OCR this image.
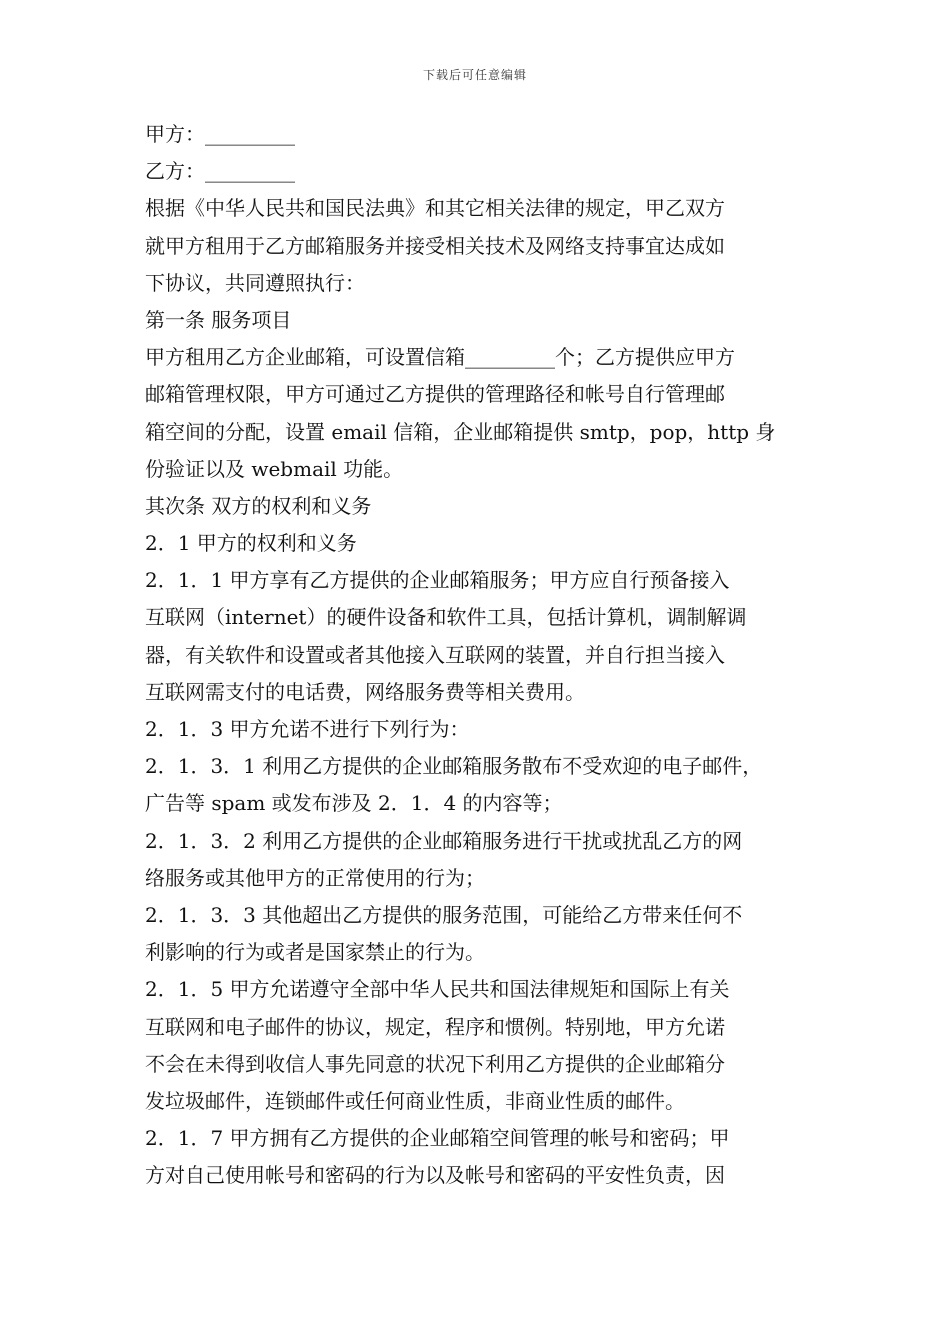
下载后可任意编辑
甲方：_________
乙方：_________
根据《中华人民共和国民法典》和其它相关法律的规定，甲乙双方
就甲方租用于乙方邮箱服务并接受相关技术及网络支持事宜达成如
下协议，共同遵照执行：
第一条 服务项目
甲方租用乙方企业邮箱，可设置信箱_________个；乙方提供应甲方
邮箱管理权限，甲方可通过乙方提供的管理路径和帐号自行管理邮
箱空间的分配，设置 email 信箱，企业邮箱提供 smtp，pop，http 身
份验证以及 webmail 功能。
其次条 双方的权利和义务
2．1 甲方的权利和义务
2．1．1 甲方享有乙方提供的企业邮箱服务；甲方应自行预备接入
互联网（internet）的硬件设备和软件工具，包括计算机，调制解调
器，有关软件和设置或者其他接入互联网的装置，并自行担当接入
互联网需支付的电话费，网络服务费等相关费用。
2．1．3 甲方允诺不进行下列行为：
2．1．3．1 利用乙方提供的企业邮箱服务散布不受欢迎的电子邮件，
广告等 spam 或发布涉及 2．1．4 的内容等；
2．1．3．2 利用乙方提供的企业邮箱服务进行干扰或扰乱乙方的网
络服务或其他甲方的正常使用的行为；
2．1．3．3 其他超出乙方提供的服务范围，可能给乙方带来任何不
利影响的行为或者是国家禁止的行为。
2．1．5 甲方允诺遵守全部中华人民共和国法律规矩和国际上有关
互联网和电子邮件的协议，规定，程序和惯例。特别地，甲方允诺
不会在未得到收信人事先同意的状况下利用乙方提供的企业邮箱分
发垃圾邮件，连锁邮件或任何商业性质，非商业性质的邮件。
2．1．7 甲方拥有乙方提供的企业邮箱空间管理的帐号和密码；甲
方对自己使用帐号和密码的行为以及帐号和密码的平安性负责，因
